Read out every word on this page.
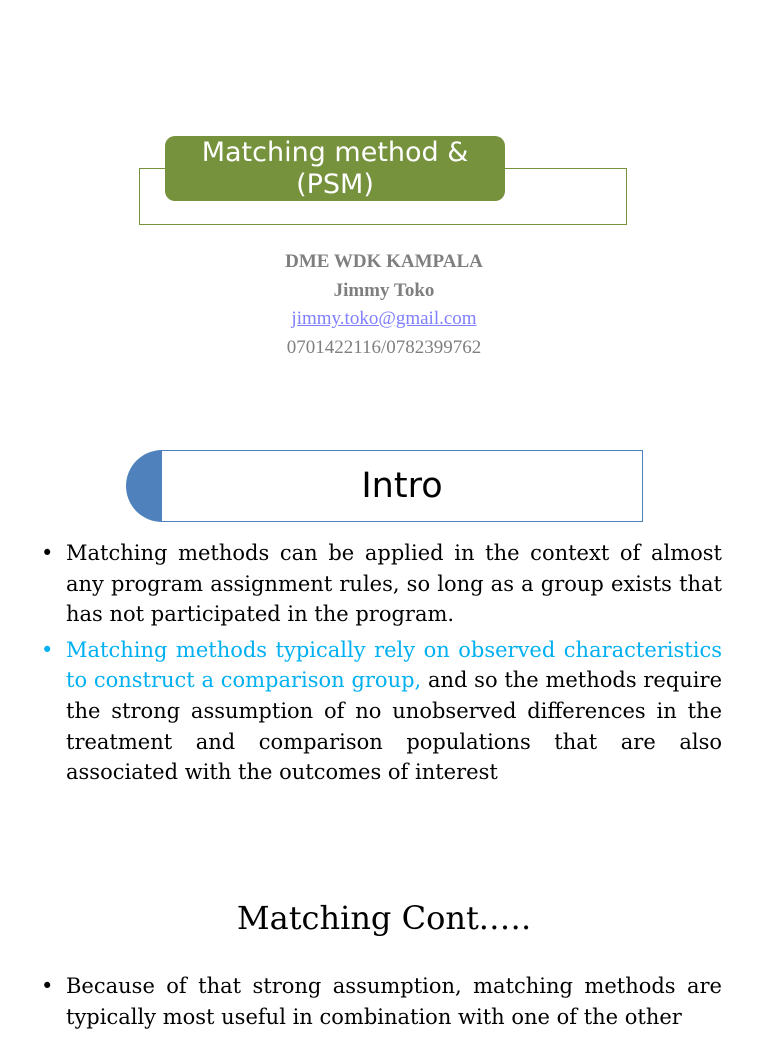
Matching method & (PSM)
DME WDK KAMPALA
Jimmy Toko
jimmy.toko@gmail.com
0701422116/0782399762
Intro
• Matching methods can be applied in the context of almost any program assignment rules, so long as a group exists that has not participated in the program.
• Matching methods typically rely on observed characteristics to construct a comparison group, and so the methods require the strong assumption of no unobserved differences in the treatment and comparison populations that are also associated with the outcomes of interest
Matching Cont.….
• Because of that strong assumption, matching methods are typically most useful in combination with one of the other
